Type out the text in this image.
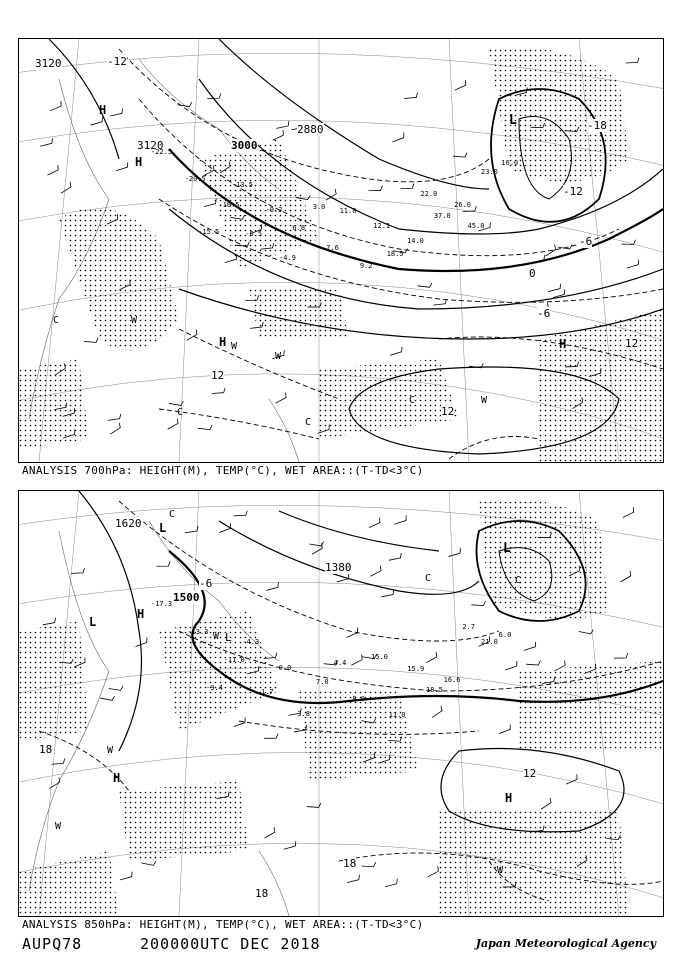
3120
3000
2880
3120
-12
-18
-12
-6
0
-6
12
12
12
H
H
L
H
H
C
C
C
C
W
W
W
W
-22.5
-20.5
-16.5
-15.5
-13.5
-9.2
-6.5
-4.9
3.0
6.8
7.6
9.2
11.0
12.1
14.0
18.5
22.0
26.0
37.0
45.0
16.0
23.0
ANALYSIS 700hPa: HEIGHT(M), TEMP(°C), WET AREA::(T-TD<3°C)
1620
1500
1380
-6
18
12
18
18
L
L
H
L
H
H
L
C	C
C
W
W
W
W
-17.3
-13.3
-11.0
-9.4
-4.3
0.0
1.7
3.8
4.4
7.0
8.0
11.0
15.0
15.9
16.6
18.5
2.7
6.0
21.0
ANALYSIS 850hPa: HEIGHT(M), TEMP(°C), WET AREA::(T-TD<3°C)
AUPQ78	200000UTC DEC 2018	Japan Meteorological Agency
